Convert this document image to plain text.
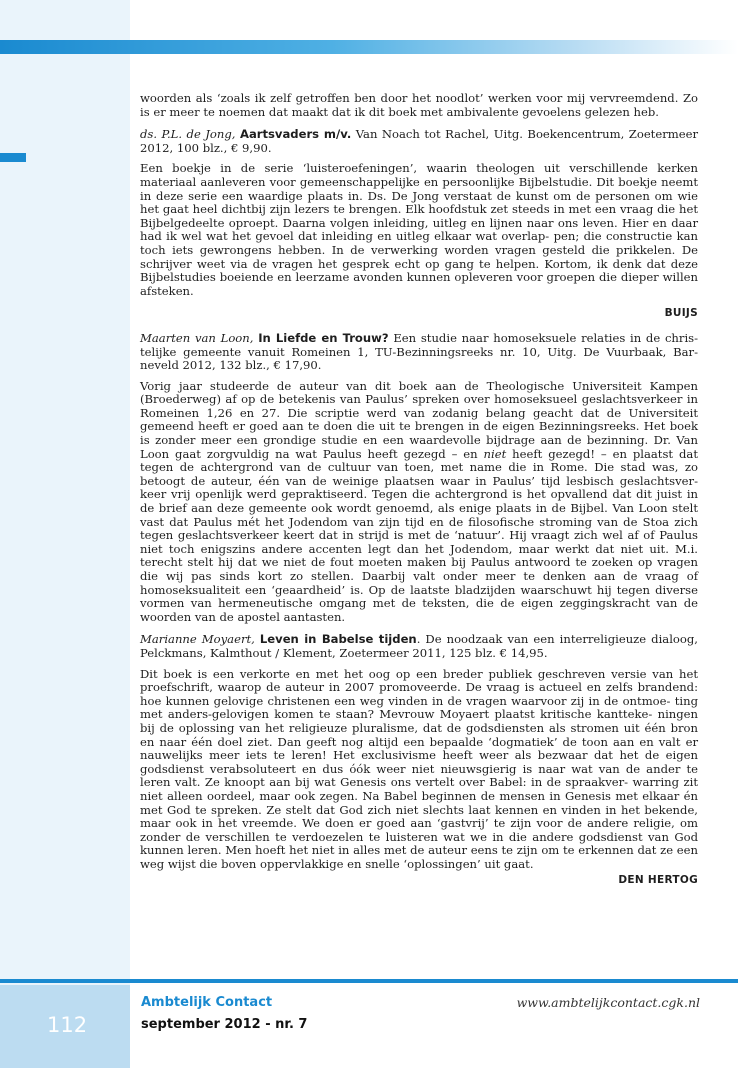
woorden als ‘zoals ik zelf getroffen ben door het noodlot’ werken voor mij vervreemdend. Zo is er meer te noemen dat maakt dat ik dit boek met ambivalente gevoelens gelezen heb.

ds. P.L. de Jong, Aartsvaders m/v. Van Noach tot Rachel, Uitg. Boekencentrum, Zoetermeer 2012, 100 blz., € 9,90.

Een boekje in de serie ‘luisteroefeningen’, waarin theologen uit verschillende kerken materiaal aanleveren voor gemeenschappelijke en persoonlijke Bijbelstudie. Dit boekje neemt in deze serie een waardige plaats in. Ds. De Jong verstaat de kunst om de personen om wie het gaat heel dichtbij zijn lezers te brengen. Elk hoofdstuk zet steeds in met een vraag die het Bijbelgedeelte oproept. Daarna volgen inleiding, uitleg en lijnen naar ons leven. Hier en daar had ik wel wat het gevoel dat inleiding en uitleg elkaar wat overlap- pen; die constructie kan toch iets gewrongens hebben. In de verwerking worden vragen gesteld die prikkelen. De schrijver weet via de vragen het gesprek echt op gang te helpen. Kortom, ik denk dat deze Bijbelstudies boeiende en leerzame avonden kunnen opleveren voor groepen die dieper willen afsteken.

BUIJS

Maarten van Loon, In Liefde en Trouw? Een studie naar homoseksuele relaties in de chris- telijke gemeente vanuit Romeinen 1, TU-Bezinningsreeks nr. 10, Uitg. De Vuurbaak, Bar- neveld 2012, 132 blz., € 17,90.

Vorig jaar studeerde de auteur van dit boek aan de Theologische Universiteit Kampen (Broederweg) af op de betekenis van Paulus’ spreken over homoseksueel geslachtsverkeer in Romeinen 1,26 en 27. Die scriptie werd van zodanig belang geacht dat de Universiteit gemeend heeft er goed aan te doen die uit te brengen in de eigen Bezinningsreeks. Het boek is zonder meer een grondige studie en een waardevolle bijdrage aan de bezinning. Dr. Van Loon gaat zorgvuldig na wat Paulus heeft gezegd – en niet heeft gezegd! – en plaatst dat tegen de achtergrond van de cultuur van toen, met name die in Rome. Die stad was, zo betoogt de auteur, één van de weinige plaatsen waar in Paulus’ tijd lesbisch geslachtsver- keer vrij openlijk werd gepraktiseerd. Tegen die achtergrond is het opvallend dat dit juist in de brief aan deze gemeente ook wordt genoemd, als enige plaats in de Bijbel. Van Loon stelt vast dat Paulus mét het Jodendom van zijn tijd en de filosofische stroming van de Stoa zich tegen geslachtsverkeer keert dat in strijd is met de ‘natuur’. Hij vraagt zich wel af of Paulus niet toch enigszins andere accenten legt dan het Jodendom, maar werkt dat niet uit. M.i. terecht stelt hij dat we niet de fout moeten maken bij Paulus antwoord te zoeken op vragen die wij pas sinds kort zo stellen. Daarbij valt onder meer te denken aan de vraag of homoseksualiteit een ‘geaardheid’ is. Op de laatste bladzijden waarschuwt hij tegen diverse vormen van hermeneutische omgang met de teksten, die de eigen zeggingskracht van de woorden van de apostel aantasten.

Marianne Moyaert, Leven in Babelse tijden. De noodzaak van een interreligieuze dialoog, Pelckmans, Kalmthout / Klement, Zoetermeer 2011, 125 blz. € 14,95.

Dit boek is een verkorte en met het oog op een breder publiek geschreven versie van het proefschrift, waarop de auteur in 2007 promoveerde. De vraag is actueel en zelfs brandend: hoe kunnen gelovige christenen een weg vinden in de vragen waarvoor zij in de ontmoe- ting met anders-gelovigen komen te staan? Mevrouw Moyaert plaatst kritische kantteke- ningen bij de oplossing van het religieuze pluralisme, dat de godsdiensten als stromen uit één bron en naar één doel ziet. Dan geeft nog altijd een bepaalde ‘dogmatiek’ de toon aan en valt er nauwelijks meer iets te leren! Het exclusivisme heeft weer als bezwaar dat het de eigen godsdienst verabsoluteert en dus óók weer niet nieuwsgierig is naar wat van de ander te leren valt. Ze knoopt aan bij wat Genesis ons vertelt over Babel: in de spraakver- warring zit niet alleen oordeel, maar ook zegen. Na Babel beginnen de mensen in Genesis met elkaar én met God te spreken. Ze stelt dat God zich niet slechts laat kennen en vinden in het bekende, maar ook in het vreemde. We doen er goed aan ‘gastvrij’ te zijn voor de andere religie, om zonder de verschillen te verdoezelen te luisteren wat we in die andere godsdienst van God kunnen leren. Men hoeft het niet in alles met de auteur eens te zijn om te erkennen dat ze een weg wijst die boven oppervlakkige en snelle ‘oplossingen’ uit gaat.

DEN HERTOG
112
Ambtelijk Contact
september 2012 - nr. 7
www.ambtelijkcontact.cgk.nl
